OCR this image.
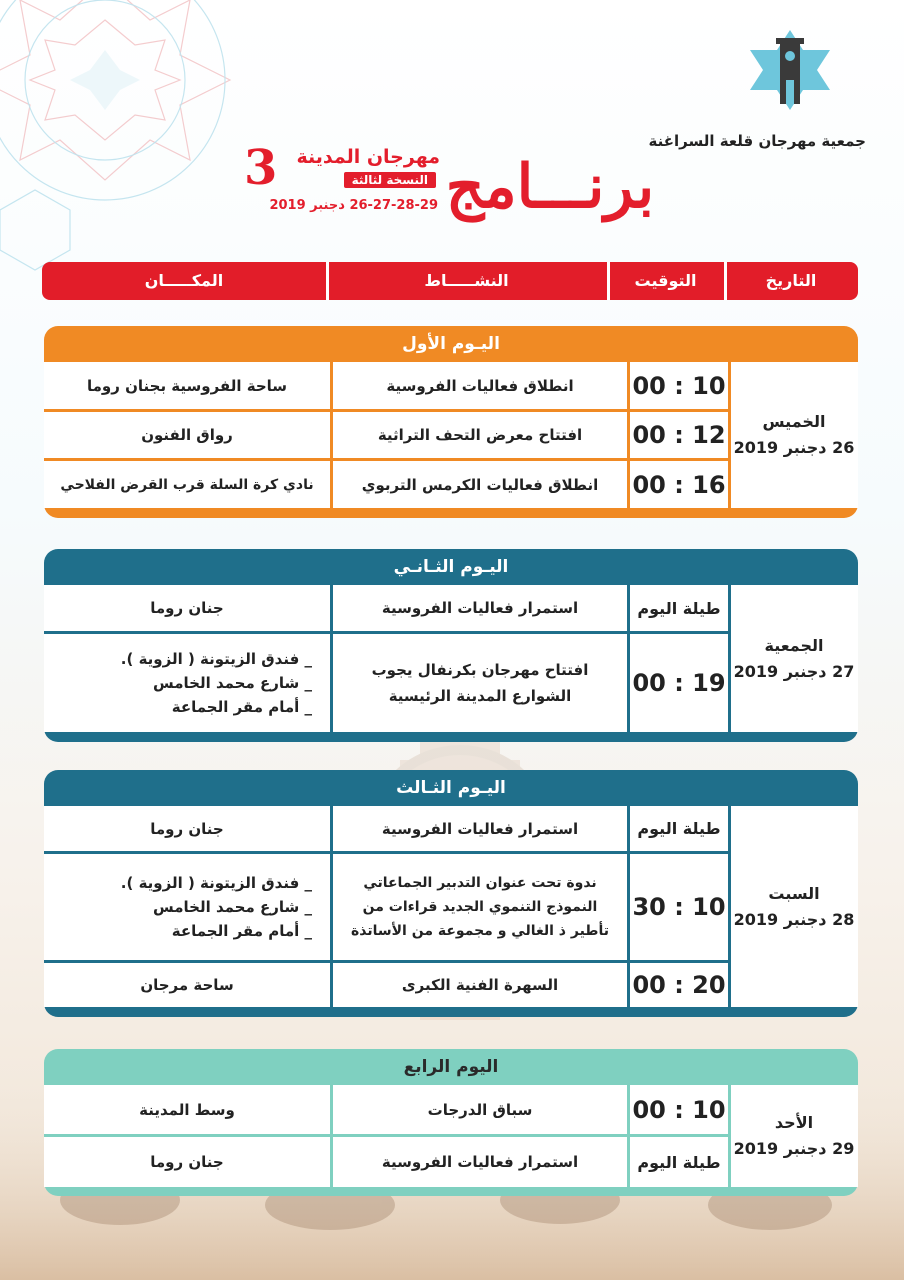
جمعية مهرجان قلعة السراغنة
برنـــامج
3 مهرجان المدينة
النسخة لثالثة
26-27-28-29 دجنبر 2019
التاريخ
التوقيت
النشـــــاط
المكـــــان
اليـوم الأول
الخميس
26 دجنبر 2019
10 : 00
انطلاق فعاليات الفروسية
ساحة الفروسية بجنان روما
12 : 00
افتتاح معرض التحف التراثية
رواق الفنون
16 : 00
انطلاق فعاليات الكرمس التربوي
نادي كرة السلة قرب القرض الفلاحي
اليـوم الثـانـي
الجمعية
27 دجنبر 2019
طيلة اليوم
استمرار فعاليات الفروسية
جنان روما
19 : 00
افتتاح مهرجان بكرنفال يجوب
الشوارع المدينة الرئيسية
_ فندق الزيتونة ( الزوية ).
_ شارع محمد الخامس
_ أمام مقر الجماعة
اليـوم الثـالث
السبت
28 دجنبر 2019
طيلة اليوم
استمرار فعاليات الفروسية
جنان روما
10 : 30
ندوة تحت عنوان التدبير الجماعاتي
النموذج التنموي الجديد قراءات من
تأطير ذ الغالي و مجموعة من الأساتذة
_ فندق الزيتونة ( الزوية ).
_ شارع محمد الخامس
_ أمام مقر الجماعة
20 : 00
السهرة الفنية الكبرى
ساحة مرجان
اليوم الرابع
الأحد
29 دجنبر 2019
10 : 00
سباق الدرجات
وسط المدينة
طيلة اليوم
استمرار فعاليات الفروسية
جنان روما
